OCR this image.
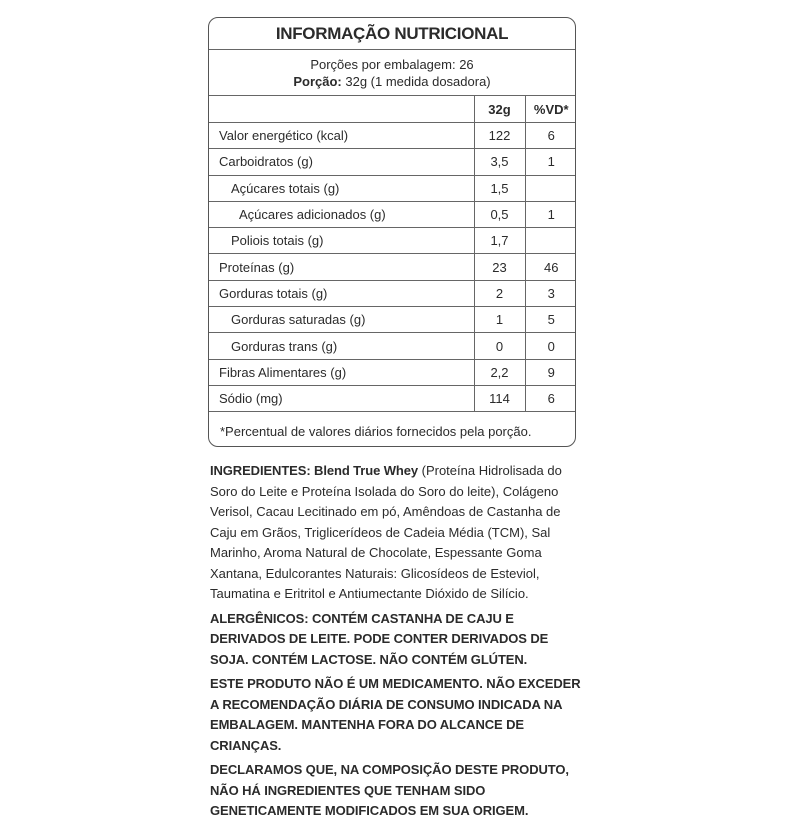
INFORMAÇÃO NUTRICIONAL
Porções por embalagem: 26
Porção: 32g (1 medida dosadora)
	32g	%VD*
Valor energético (kcal)	122	6
Carboidratos (g)	3,5	1
Açúcares totais (g)	1,5	
Açúcares adicionados (g)	0,5	1
Poliois totais (g)	1,7	
Proteínas (g)	23	46
Gorduras totais (g)	2	3
Gorduras saturadas (g)	1	5
Gorduras trans (g)	0	0
Fibras Alimentares (g)	2,2	9
Sódio (mg)	114	6
*Percentual de valores diários fornecidos pela porção.

INGREDIENTES: Blend True Whey (Proteína Hidrolisada do Soro do Leite e Proteína Isolada do Soro do leite), Colágeno Verisol, Cacau Lecitinado em pó, Amêndoas de Castanha de Caju em Grãos, Triglicerídeos de Cadeia Média (TCM), Sal Marinho, Aroma Natural de Chocolate, Espessante Goma Xantana, Edulcorantes Naturais: Glicosídeos de Esteviol, Taumatina e Eritritol e Antiumectante Dióxido de Silício.

ALERGÊNICOS: CONTÉM CASTANHA DE CAJU E DERIVADOS DE LEITE. PODE CONTER DERIVADOS DE SOJA. CONTÉM LACTOSE. NÃO CONTÉM GLÚTEN.

ESTE PRODUTO NÃO É UM MEDICAMENTO. NÃO EXCEDER A RECOMENDAÇÃO DIÁRIA DE CONSUMO INDICADA NA EMBALAGEM. MANTENHA FORA DO ALCANCE DE CRIANÇAS.

DECLARAMOS QUE, NA COMPOSIÇÃO DESTE PRODUTO, NÃO HÁ INGREDIENTES QUE TENHAM SIDO GENETICAMENTE MODIFICADOS EM SUA ORIGEM.
